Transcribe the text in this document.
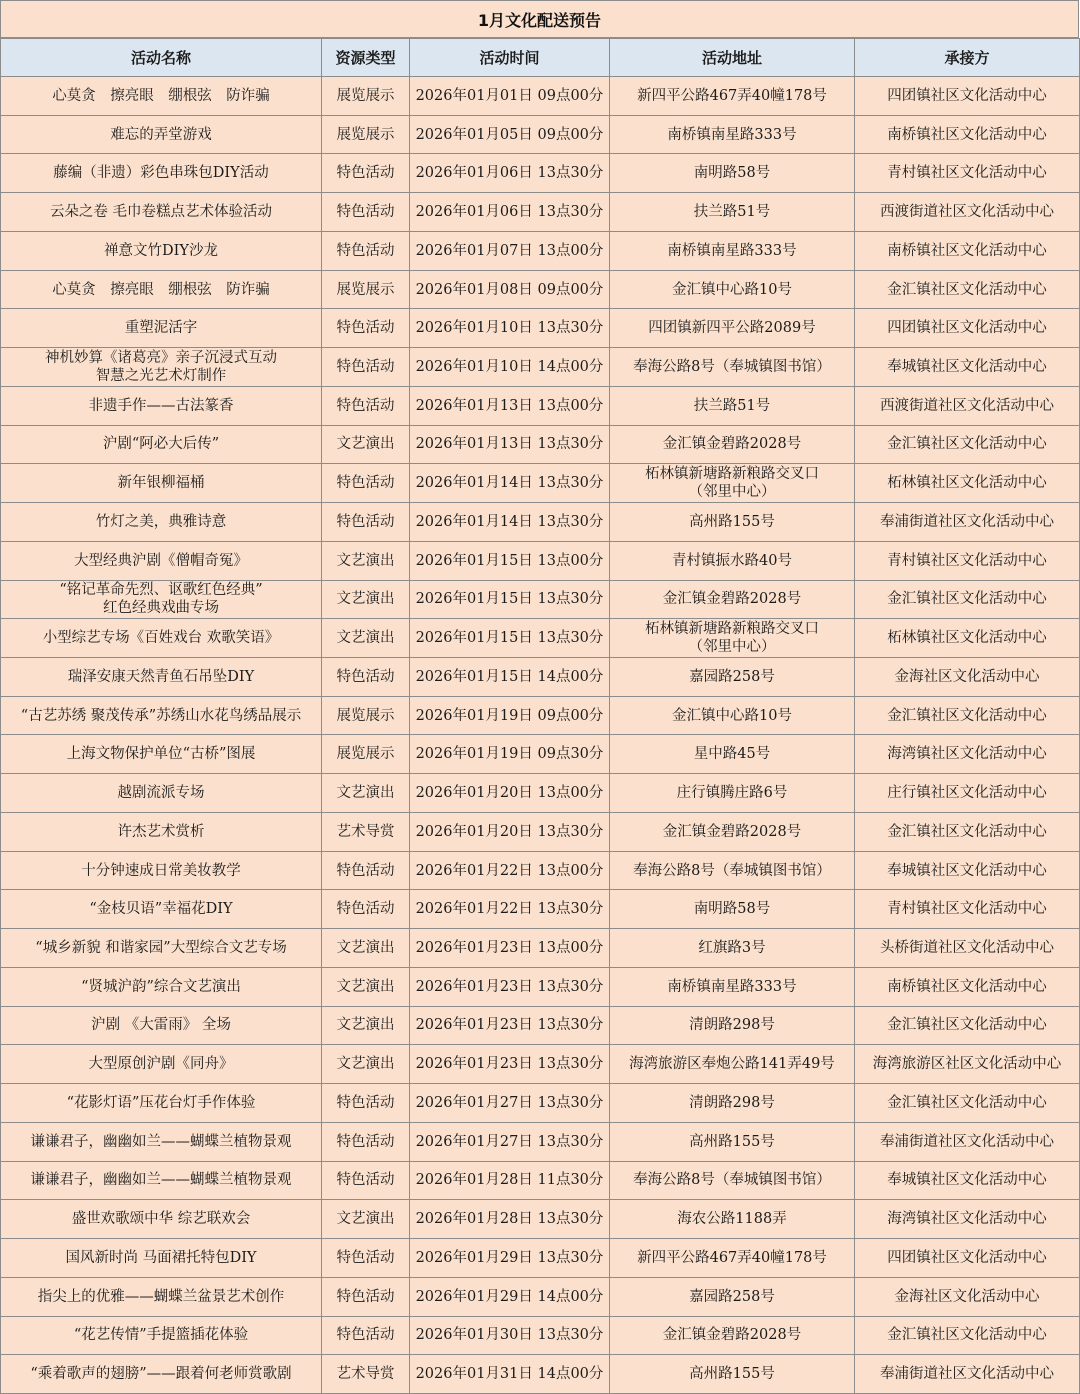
1月文化配送预告
活动名称	资源类型	活动时间	活动地址	承接方
心莫贪　擦亮眼　绷根弦　防诈骗	展览展示	2026年01月01日 09点00分	新四平公路467弄40幢178号	四团镇社区文化活动中心
难忘的弄堂游戏	展览展示	2026年01月05日 09点00分	南桥镇南星路333号	南桥镇社区文化活动中心
藤编（非遗）彩色串珠包DIY活动	特色活动	2026年01月06日 13点30分	南明路58号	青村镇社区文化活动中心
云朵之卷 毛巾卷糕点艺术体验活动	特色活动	2026年01月06日 13点30分	扶兰路51号	西渡街道社区文化活动中心
禅意文竹DIY沙龙	特色活动	2026年01月07日 13点00分	南桥镇南星路333号	南桥镇社区文化活动中心
心莫贪　擦亮眼　绷根弦　防诈骗	展览展示	2026年01月08日 09点00分	金汇镇中心路10号	金汇镇社区文化活动中心
重塑泥活字	特色活动	2026年01月10日 13点30分	四团镇新四平公路2089号	四团镇社区文化活动中心
神机妙算《诸葛亮》亲子沉浸式互动
智慧之光艺术灯制作	特色活动	2026年01月10日 14点00分	奉海公路8号（奉城镇图书馆）	奉城镇社区文化活动中心
非遗手作——古法篆香	特色活动	2026年01月13日 13点00分	扶兰路51号	西渡街道社区文化活动中心
沪剧“阿必大后传”	文艺演出	2026年01月13日 13点30分	金汇镇金碧路2028号	金汇镇社区文化活动中心
新年银柳福桶	特色活动	2026年01月14日 13点30分	柘林镇新塘路新粮路交叉口
（邻里中心）	柘林镇社区文化活动中心
竹灯之美，典雅诗意	特色活动	2026年01月14日 13点30分	高州路155号	奉浦街道社区文化活动中心
大型经典沪剧《僧帽奇冤》	文艺演出	2026年01月15日 13点00分	青村镇振水路40号	青村镇社区文化活动中心
“铭记革命先烈、讴歌红色经典”
红色经典戏曲专场	文艺演出	2026年01月15日 13点30分	金汇镇金碧路2028号	金汇镇社区文化活动中心
小型综艺专场《百姓戏台 欢歌笑语》	文艺演出	2026年01月15日 13点30分	柘林镇新塘路新粮路交叉口
（邻里中心）	柘林镇社区文化活动中心
瑞泽安康天然青鱼石吊坠DIY	特色活动	2026年01月15日 14点00分	嘉园路258号	金海社区文化活动中心
“古艺苏绣 聚茂传承”苏绣山水花鸟绣品展示	展览展示	2026年01月19日 09点00分	金汇镇中心路10号	金汇镇社区文化活动中心
上海文物保护单位“古桥”图展	展览展示	2026年01月19日 09点30分	星中路45号	海湾镇社区文化活动中心
越剧流派专场	文艺演出	2026年01月20日 13点00分	庄行镇腾庄路6号	庄行镇社区文化活动中心
许杰艺术赏析	艺术导赏	2026年01月20日 13点30分	金汇镇金碧路2028号	金汇镇社区文化活动中心
十分钟速成日常美妆教学	特色活动	2026年01月22日 13点00分	奉海公路8号（奉城镇图书馆）	奉城镇社区文化活动中心
“金枝贝语”幸福花DIY	特色活动	2026年01月22日 13点30分	南明路58号	青村镇社区文化活动中心
“城乡新貌 和谐家园”大型综合文艺专场	文艺演出	2026年01月23日 13点00分	红旗路3号	头桥街道社区文化活动中心
“贤城沪韵”综合文艺演出	文艺演出	2026年01月23日 13点30分	南桥镇南星路333号	南桥镇社区文化活动中心
沪剧 《大雷雨》 全场	文艺演出	2026年01月23日 13点30分	清朗路298号	金汇镇社区文化活动中心
大型原创沪剧《同舟》	文艺演出	2026年01月23日 13点30分	海湾旅游区奉炮公路141弄49号	海湾旅游区社区文化活动中心
“花影灯语”压花台灯手作体验	特色活动	2026年01月27日 13点30分	清朗路298号	金汇镇社区文化活动中心
谦谦君子，幽幽如兰——蝴蝶兰植物景观	特色活动	2026年01月27日 13点30分	高州路155号	奉浦街道社区文化活动中心
谦谦君子，幽幽如兰——蝴蝶兰植物景观	特色活动	2026年01月28日 11点30分	奉海公路8号（奉城镇图书馆）	奉城镇社区文化活动中心
盛世欢歌颂中华 综艺联欢会	文艺演出	2026年01月28日 13点30分	海农公路1188弄	海湾镇社区文化活动中心
国风新时尚 马面裙托特包DIY	特色活动	2026年01月29日 13点30分	新四平公路467弄40幢178号	四团镇社区文化活动中心
指尖上的优雅——蝴蝶兰盆景艺术创作	特色活动	2026年01月29日 14点00分	嘉园路258号	金海社区文化活动中心
“花艺传情”手提篮插花体验	特色活动	2026年01月30日 13点30分	金汇镇金碧路2028号	金汇镇社区文化活动中心
“乘着歌声的翅膀”——跟着何老师赏歌剧	艺术导赏	2026年01月31日 14点00分	高州路155号	奉浦街道社区文化活动中心
